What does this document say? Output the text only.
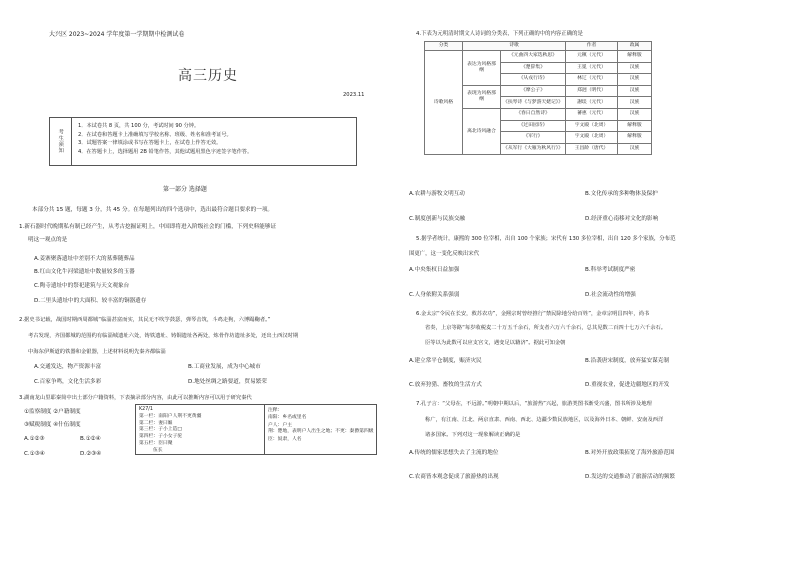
大兴区 2023~2024 学年度第一学期期中检测试卷
高三历史
2023.11
考生须知
1．本试卷共 8 页，共 100 分，考试时间 90 分钟。
2．在试卷和答题卡上准确填写学校名称、班级、姓名和准考证号。
3．试题答案一律填涂或书写在答题卡上，在试卷上作答无效。
4．在答题卡上，选择题用 2B 铅笔作答，其他试题用黑色字迹签字笔作答。
第一部分 选择题
本部分共 15 题，每题 3 分，共 45 分。在每题列出的四个选项中，选出最符合题目要求的一项。
1.新石器时代晚期私有制已经产生，从考古挖掘证明上，中国即将进入阶级社会的门槛，下列史料能够证
明这一观点的是
A.姜寨聚落遗址中差别不大的墓葬随葬品
B.红山文化牛河梁遗址中数量较多的玉器
C.陶寺遗址中的祭祀建筑与天文观象台
D.二里头遗址中的大面积、较丰富的铜器遗存
2.据史书记载，战国时期西周都城“临淄甚富而实，其民无不吹竽鼓瑟，弹琴击筑，斗鸡走狗，六博蹋鞠者。”
考古发现，齐国都城的范围约有临淄城遗址六处，铸铁遗址、铸铜遗址各两处，炼骨作坊遗址多处，还出土西汉时期
中海东伊斯道的铁器和金银器，上述材料说明先秦齐都临淄
A.交通发达，物产资源丰富	B.工商业发展，成为中心城市
C.百家争鸣，文化生活多彩	D.地处丝绸之路要道，贸易繁荣
3.湖南龙山里耶秦简中出土部分户籍资料，下表摘录部分内容，由此可以推断内容可以用于研究秦代
①监察制度 ②户籍制度
③赋税制度 ④什伍制度
A.①②③	B.①②④
C.①③④	D.②③④
K27/1
第一栏：南阳户人荆不更黄疆
第二栏：妻曰嫗
第三栏：子小上造□
第四栏：子小女子驼
第五栏：臣曰聚
伍长
注释：
南阳：乡名或里名
户人：户主
荆：楚地，表明户人出生之地；不更：秦爵第四级
臣：奴隶，人名
4.下表为元明清时期文人诗词的分类表，下列正确的中的内容正确的是
分类	诗歌		作者	政属
诗歌风格	表达为风格那纲	《元曲四大家选秋思》	元稹（元代）	解释版
		《楚辞集》	王冕（元代）	汉族
		《从戎行诗》	林辽（元代）	汉族
	表现为风格那纲	《摩公子》	郑迥（明代）	汉族
		《扶琴诗《与梦游天姥记》》	謝琰（元代）	汉族
	离北诗风融合	《春日自然诗》	蕃惠（元代）	汉族
		《过田园诗》	宇文殿（北周）	解释版
		《军行》	宇文殿（北周）	解释版
		《从军行《大雁为秋风行》》	王昌龄（唐代）	汉族
A.农耕与游牧文明互动	B.文化传承的多种物体及保护
C.制度创新与民族交融	D.经济重心南移对文化的影响
5.据学者统计，康熙的 300 位宰相，出自 100 个家族；宋代有 130 多位宰相，出自 120 多个家族，分布范
围更广，这一变化反映出宋代
A.中央集权日益加强	B.科举考试制度严密
C.人身依附关系强弱	D.社会流动性的增强
6.金太宗“令民在长安，救苏农功”，金熙宗时曾经推行“禁民除地分给百姓”，金章宗明昌四年，尚书
省奏，上京等路“每岁收税麦二十万五千余石，所支者六万六千余石，总其见数二百四十七万六千余石。
臣等以为此数可以应支宫文，遇变足以籍济”。据此可知金朝
A.建立常平仓制度，赈济灾民	B.沿袭唐宋制度，放弃猛安谋克制
C.放弃狩猎、畜牧的生活方式	D.重视农业，促进边疆地区的开发
7.孔子言：“父母在，不远游。”明朝中期以后，“旅游热”兴起，旅游类图书渐受兴盛，图书所涉及地理
称广，有江南、江北、两京直隶、西南、西北、边疆少数民族地区，以及海外日本、朝鲜、安南及西洋
诸多国家。下列对这一现象解读正确的是
A.传统的儒家思想失去了主流的地位	B.对外开放政策拓宽了海外旅游范围
C.农商皆本观念促成了旅游热的出现	D.发达的交通推动了旅游活动的频繁
